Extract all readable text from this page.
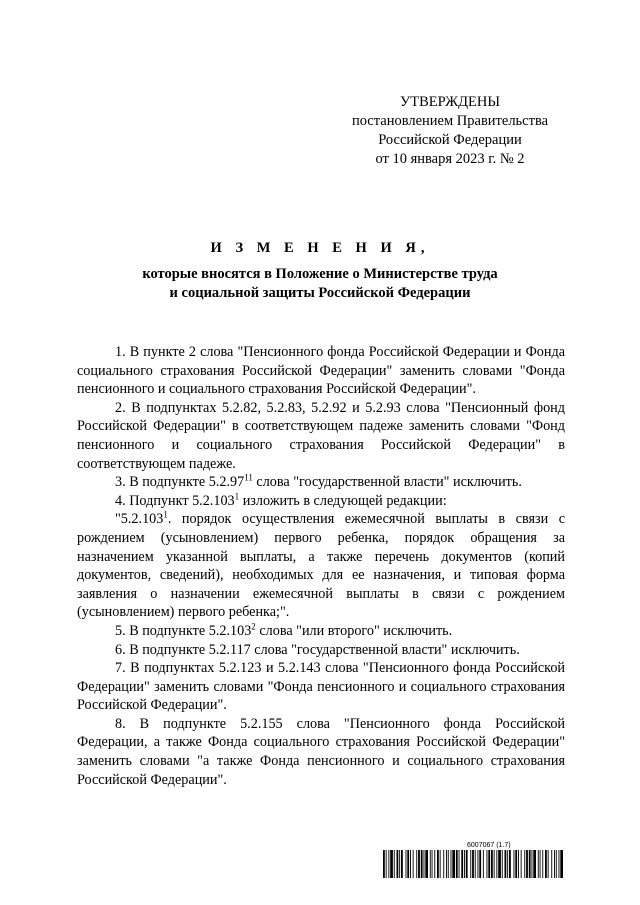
УТВЕРЖДЕНЫ
постановлением Правительства
Российской Федерации
от 10 января 2023 г. № 2
И З М Е Н Е Н И Я,
которые вносятся в Положение о Министерстве труда
и социальной защиты Российской Федерации

1. В пункте 2 слова "Пенсионного фонда Российской Федерации и Фонда социального страхования Российской Федерации" заменить словами "Фонда пенсионного и социального страхования Российской Федерации".

2. В подпунктах 5.2.82, 5.2.83, 5.2.92 и 5.2.93 слова "Пенсионный фонд Российской Федерации" в соответствующем падеже заменить словами "Фонд пенсионного и социального страхования Российской Федерации" в соответствующем падеже.

3. В подпункте 5.2.97$^{11}$ слова "государственной власти" исключить.

4. Подпункт 5.2.103$^1$ изложить в следующей редакции:

"5.2.103$^1$. порядок осуществления ежемесячной выплаты в связи с рождением (усыновлением) первого ребенка, порядок обращения за назначением указанной выплаты, а также перечень документов (копий документов, сведений), необходимых для ее назначения, и типовая форма заявления о назначении ежемесячной выплаты в связи с рождением (усыновлением) первого ребенка;".

5. В подпункте 5.2.103$^2$ слова "или второго" исключить.

6. В подпункте 5.2.117 слова "государственной власти" исключить.

7. В подпунктах 5.2.123 и 5.2.143 слова "Пенсионного фонда Российской Федерации" заменить словами "Фонда пенсионного и социального страхования Российской Федерации".

8. В подпункте 5.2.155 слова "Пенсионного фонда Российской Федерации, а также Фонда социального страхования Российской Федерации" заменить словами "а также Фонда пенсионного и социального страхования Российской Федерации".

6007067 (1.7)
